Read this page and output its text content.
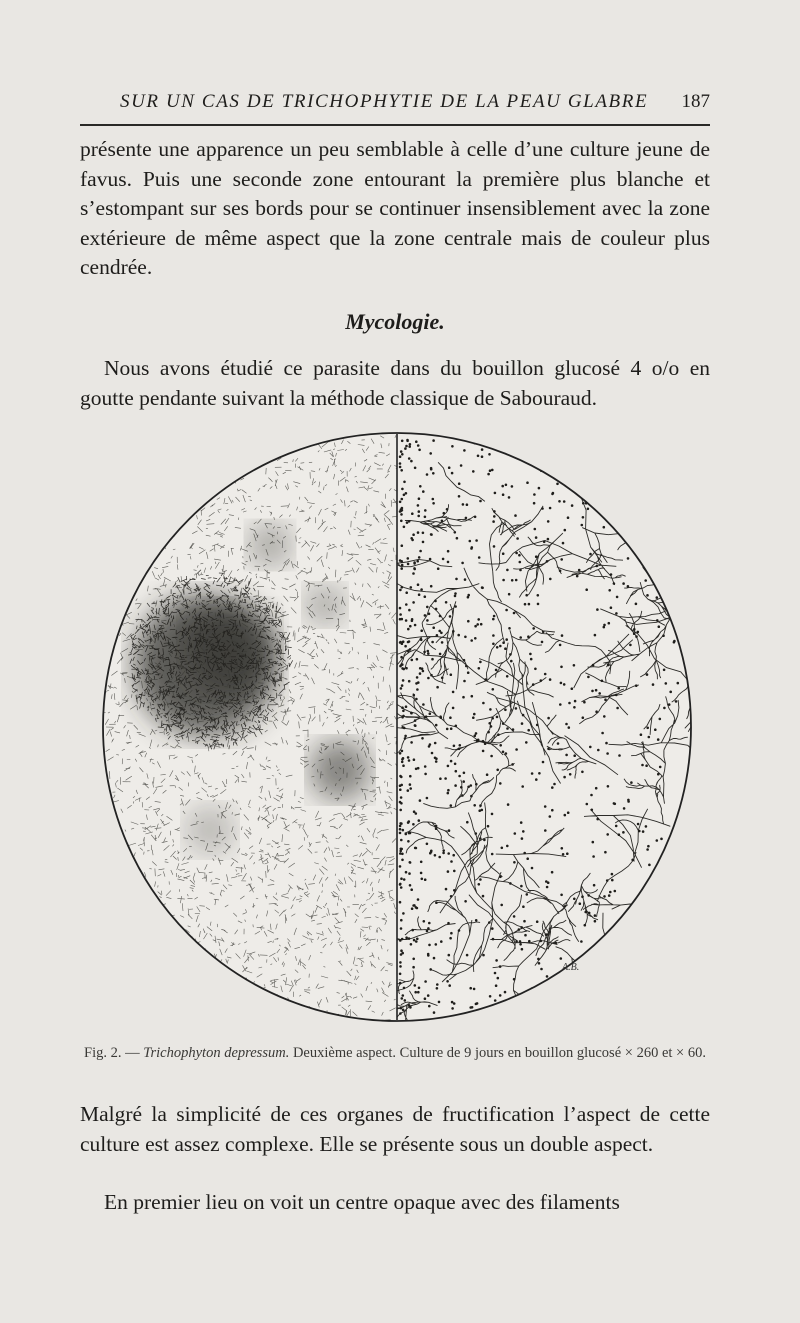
SUR UN CAS DE TRICHOPHYTIE DE LA PEAU GLABRE 187

présente une apparence un peu semblable à celle d’une culture jeune de favus. Puis une seconde zone entourant la première plus blanche et s’estompant sur ses bords pour se continuer insensiblement avec la zone extérieure de même aspect que la zone centrale mais de couleur plus cendrée.

Mycologie.

Nous avons étudié ce parasite dans du bouillon glucosé 4 o/o en goutte pendante suivant la méthode classique de Sabouraud.

A.B.

Fig. 2. — Trichophyton depressum. Deuxième aspect. Culture de 9 jours en bouillon glucosé × 260 et × 60.

Malgré la simplicité de ces organes de fructification l’aspect de cette culture est assez complexe. Elle se présente sous un double aspect.

En premier lieu on voit un centre opaque avec des filaments
